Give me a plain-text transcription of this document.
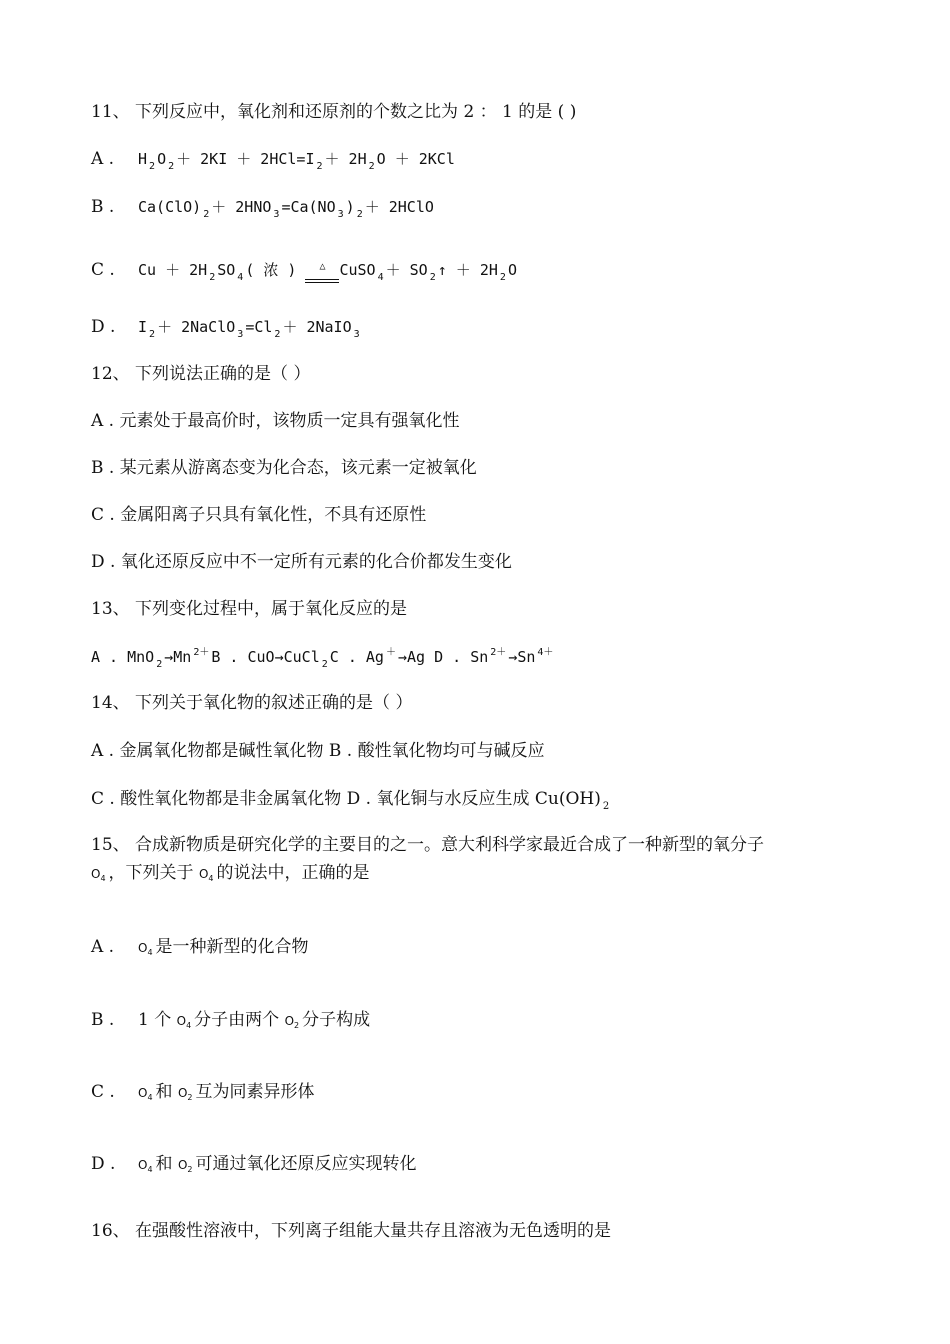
11、 下列反应中，氧化剂和还原剂的个数之比为 2 ： 1 的是 ( )
A . H $_2$ O $_2$ ＋ 2KI ＋ 2HCl=I $_2$ ＋ 2H $_2$ O ＋ 2KCl
B . Ca(ClO) $_2$ ＋ 2HNO $_3$ =Ca(NO $_3$ ) $_2$ ＋ 2HClO
C . Cu ＋ 2H $_2$ SO $_4$ ( 浓 ) △ CuSO $_4$ ＋ SO $_2$ ↑ ＋ 2H $_2$ O
D . I $_2$ ＋ 2NaClO $_3$ =Cl $_2$ ＋ 2NaIO $_3$
12、 下列说法正确的是（ ）
A . 元素处于最高价时，该物质一定具有强氧化性
B . 某元素从游离态变为化合态，该元素一定被氧化
C . 金属阳离子只具有氧化性，不具有还原性
D . 氧化还原反应中不一定所有元素的化合价都发生变化
13、 下列变化过程中，属于氧化反应的是
A . MnO $_2$ →Mn $^{2+}$ B . CuO→CuCl $_2$ C . Ag ＋ →Ag D . Sn $^{2+}$ →Sn $^{4+}$
14、 下列关于氧化物的叙述正确的是（ ）
A . 金属氧化物都是碱性氧化物 B . 酸性氧化物均可与碱反应
C . 酸性氧化物都是非金属氧化物 D . 氧化铜与水反应生成 Cu(OH) $_2$
15、 合成新物质是研究化学的主要目的之一。意大利科学家最近合成了一种新型的氧分子
$O_4$ ，下列关于 $O_4$ 的说法中，正确的是
A . $O_4$ 是一种新型的化合物
B . 1 个 $O_4$ 分子由两个 $O_2$ 分子构成
C . $O_4$ 和 $O_2$ 互为同素异形体
D . $O_4$ 和 $O_2$ 可通过氧化还原反应实现转化
16、 在强酸性溶液中，下列离子组能大量共存且溶液为无色透明的是
